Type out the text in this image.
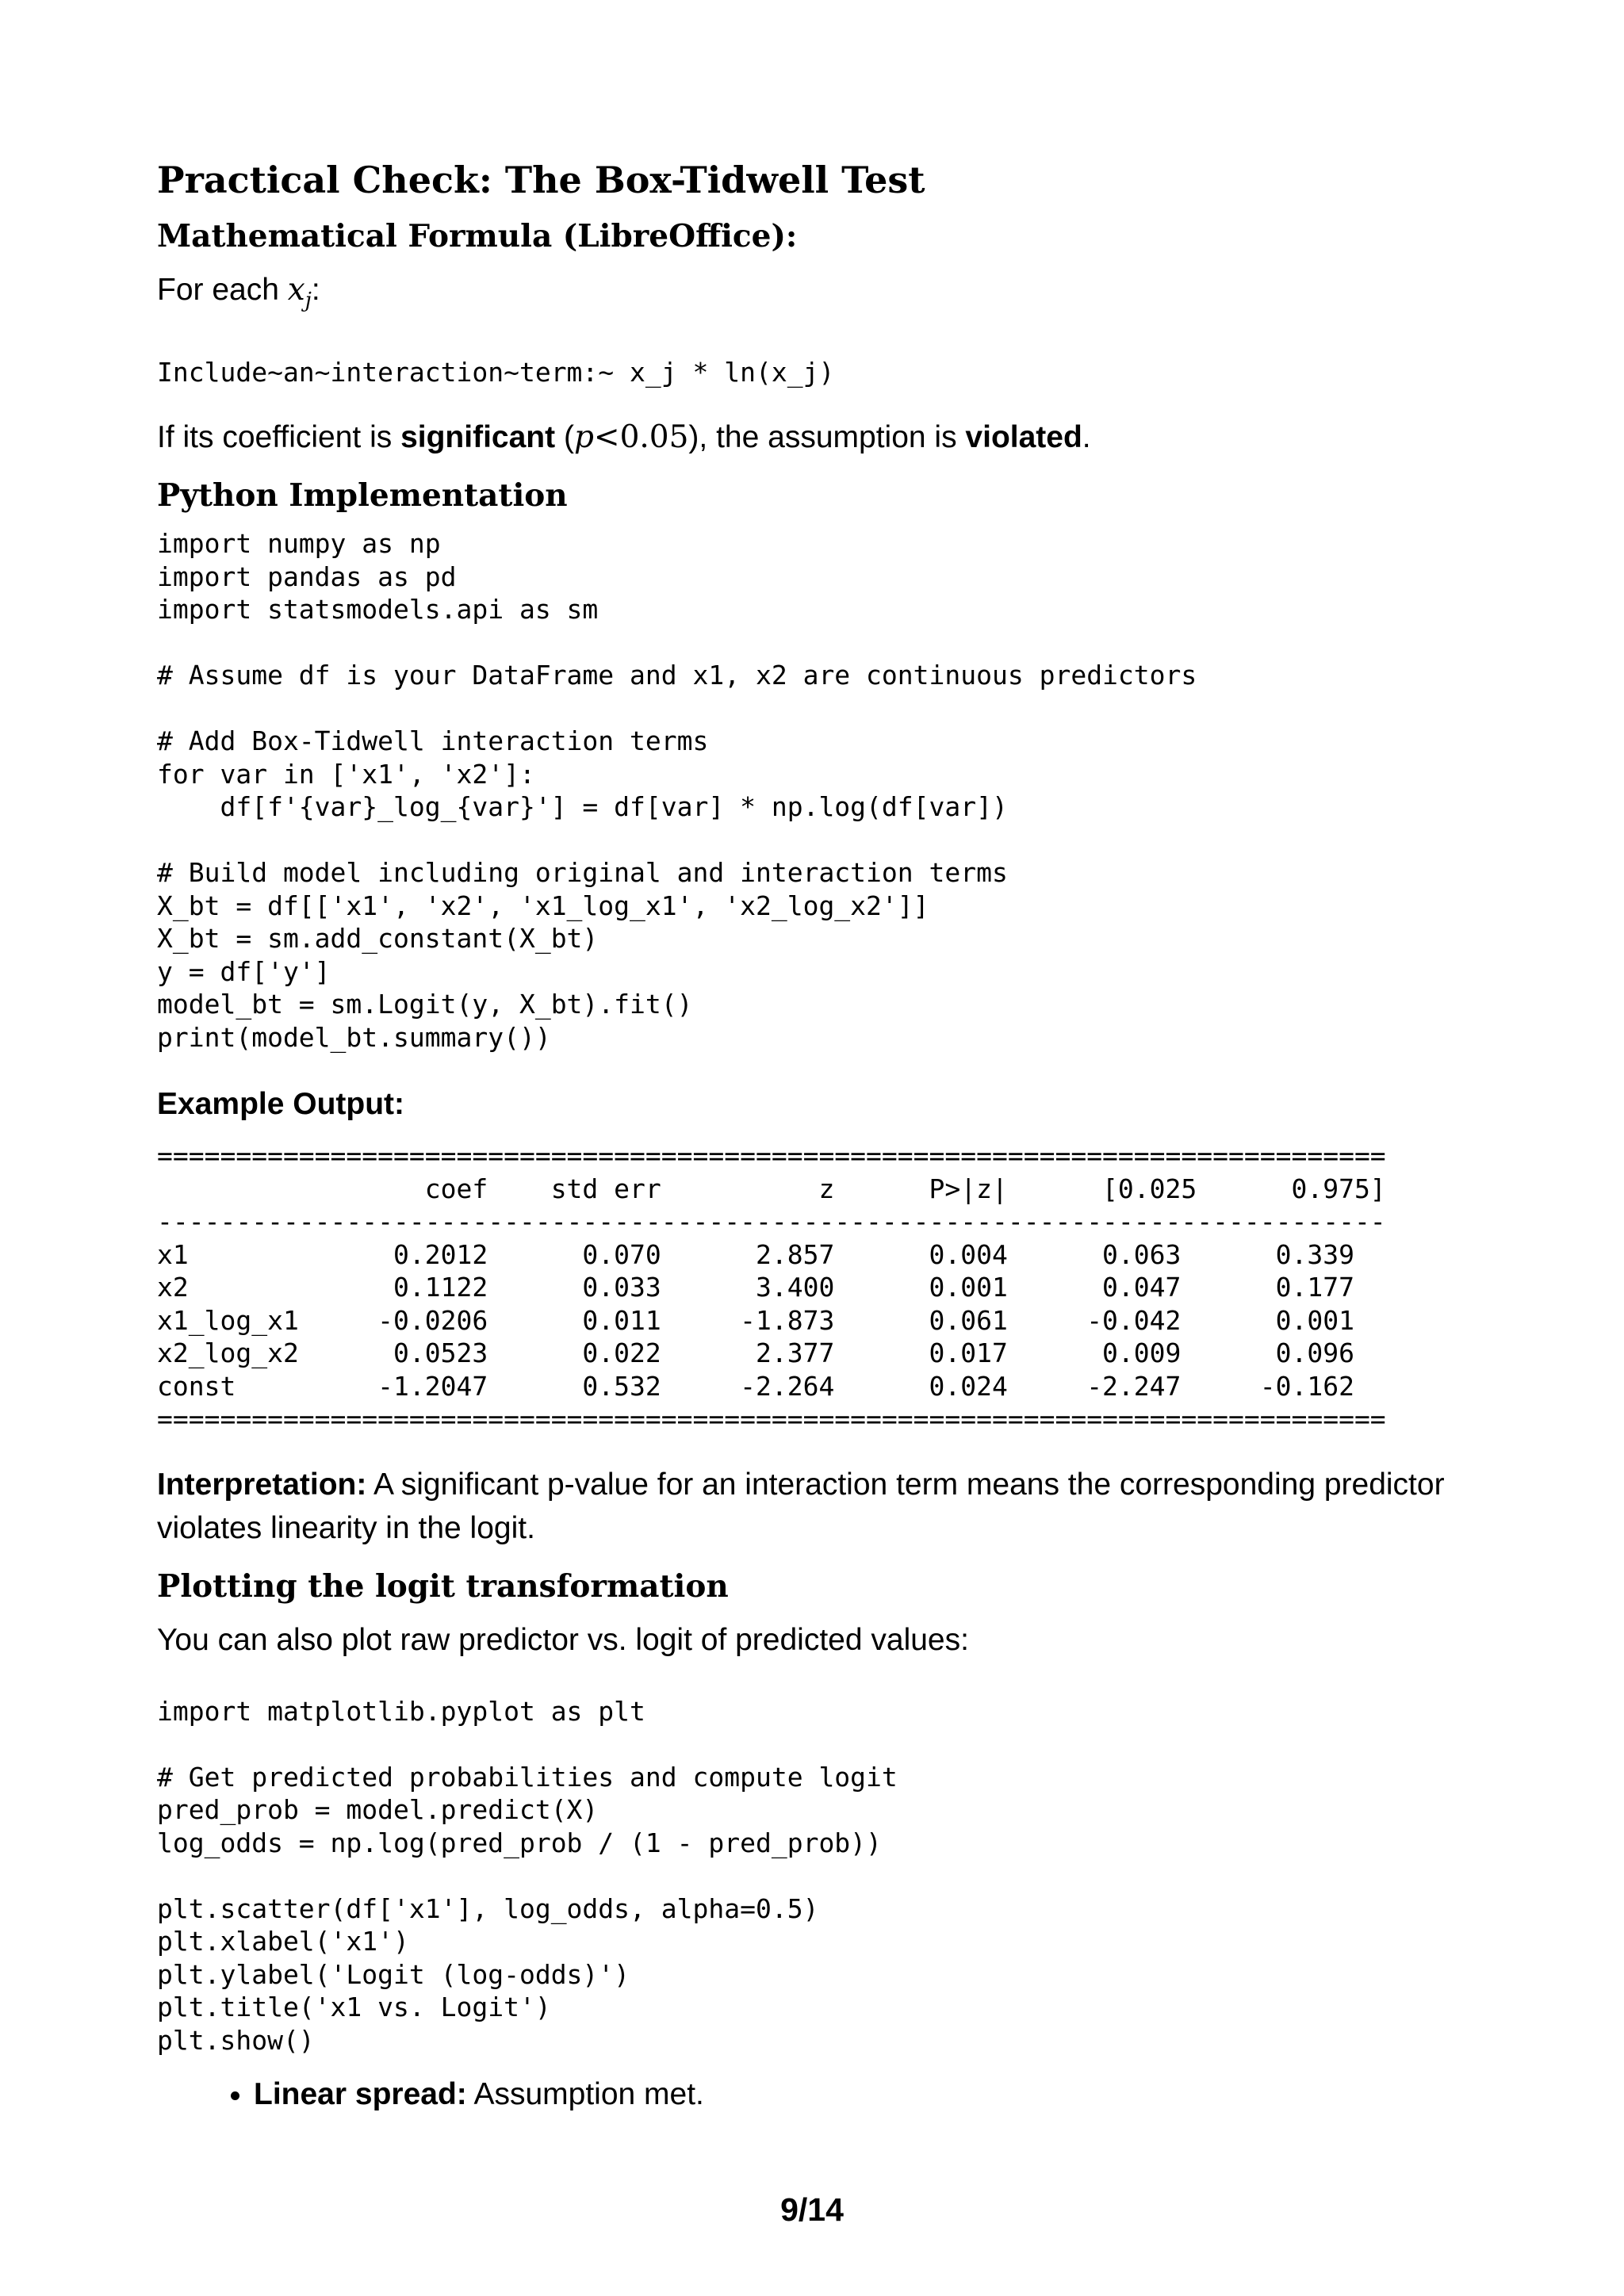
Practical Check: The Box-Tidwell Test
Mathematical Formula (LibreOffice):
For each $x_j$:
Include~an~interaction~term:~ x_j * ln(x_j)
If its coefficient is significant (p<0.05), the assumption is violated.
Python Implementation
import numpy as np
import pandas as pd
import statsmodels.api as sm

# Assume df is your DataFrame and x1, x2 are continuous predictors

# Add Box-Tidwell interaction terms
for var in ['x1', 'x2']:
df[f'{var}_log_{var}'] = df[var] * np.log(df[var])

# Build model including original and interaction terms
X_bt = df[['x1', 'x2', 'x1_log_x1', 'x2_log_x2']]
X_bt = sm.add_constant(X_bt)
y = df['y']
model_bt = sm.Logit(y, X_bt).fit()
print(model_bt.summary())
Example Output:
==============================================================================
coef    std err          z      P>|z|      [0.025      0.975]
------------------------------------------------------------------------------
x1             0.2012      0.070      2.857      0.004      0.063      0.339
x2             0.1122      0.033      3.400      0.001      0.047      0.177
x1_log_x1     -0.0206      0.011     -1.873      0.061     -0.042      0.001
x2_log_x2      0.0523      0.022      2.377      0.017      0.009      0.096
const         -1.2047      0.532     -2.264      0.024     -2.247     -0.162
==============================================================================
Interpretation: A significant p-value for an interaction term means the corresponding predictor violates linearity in the logit.
Plotting the logit transformation
You can also plot raw predictor vs. logit of predicted values:
import matplotlib.pyplot as plt

# Get predicted probabilities and compute logit
pred_prob = model.predict(X)
log_odds = np.log(pred_prob / (1 - pred_prob))

plt.scatter(df['x1'], log_odds, alpha=0.5)
plt.xlabel('x1')
plt.ylabel('Logit (log-odds)')
plt.title('x1 vs. Logit')
plt.show()
• Linear spread: Assumption met.
9/14
